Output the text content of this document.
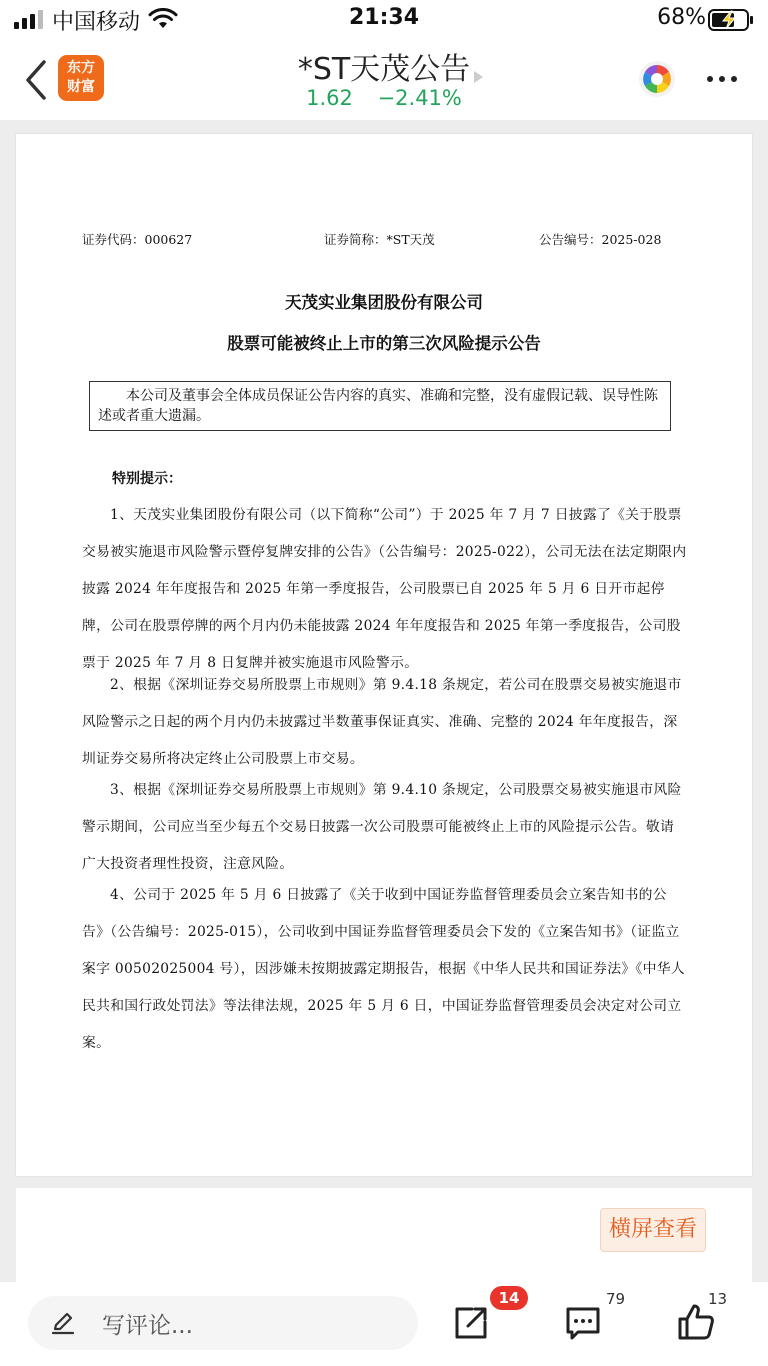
中国移动	21:34	68%
东方
财富	*ST天茂公告
1.62 −2.41%
证券代码：000627	证券简称：*ST天茂	公告编号：2025-028
天茂实业集团股份有限公司
股票可能被终止上市的第三次风险提示公告
本公司及董事会全体成员保证公告内容的真实、准确和完整，没有虚假记载、误导性陈述或者重大遗漏。
特别提示：
1、天茂实业集团股份有限公司（以下简称“公司”）于 2025 年 7 月 7 日披露了《关于股票交易被实施退市风险警示暨停复牌安排的公告》（公告编号：2025-022），公司无法在法定期限内披露 2024 年年度报告和 2025 年第一季度报告，公司股票已自 2025 年 5 月 6 日开市起停牌，公司在股票停牌的两个月内仍未能披露 2024 年年度报告和 2025 年第一季度报告，公司股票于 2025 年 7 月 8 日复牌并被实施退市风险警示。
2、根据《深圳证券交易所股票上市规则》第 9.4.18 条规定，若公司在股票交易被实施退市风险警示之日起的两个月内仍未披露过半数董事保证真实、准确、完整的 2024 年年度报告，深圳证券交易所将决定终止公司股票上市交易。
3、根据《深圳证券交易所股票上市规则》第 9.4.10 条规定，公司股票交易被实施退市风险警示期间，公司应当至少每五个交易日披露一次公司股票可能被终止上市的风险提示公告。敬请广大投资者理性投资，注意风险。
4、公司于 2025 年 5 月 6 日披露了《关于收到中国证券监督管理委员会立案告知书的公告》（公告编号：2025-015），公司收到中国证券监督管理委员会下发的《立案告知书》（证监立案字 00502025004 号），因涉嫌未按期披露定期报告，根据《中华人民共和国证券法》《中华人民共和国行政处罚法》等法律法规，2025 年 5 月 6 日，中国证券监督管理委员会决定对公司立案。
横屏查看
写评论...
14	79	13
